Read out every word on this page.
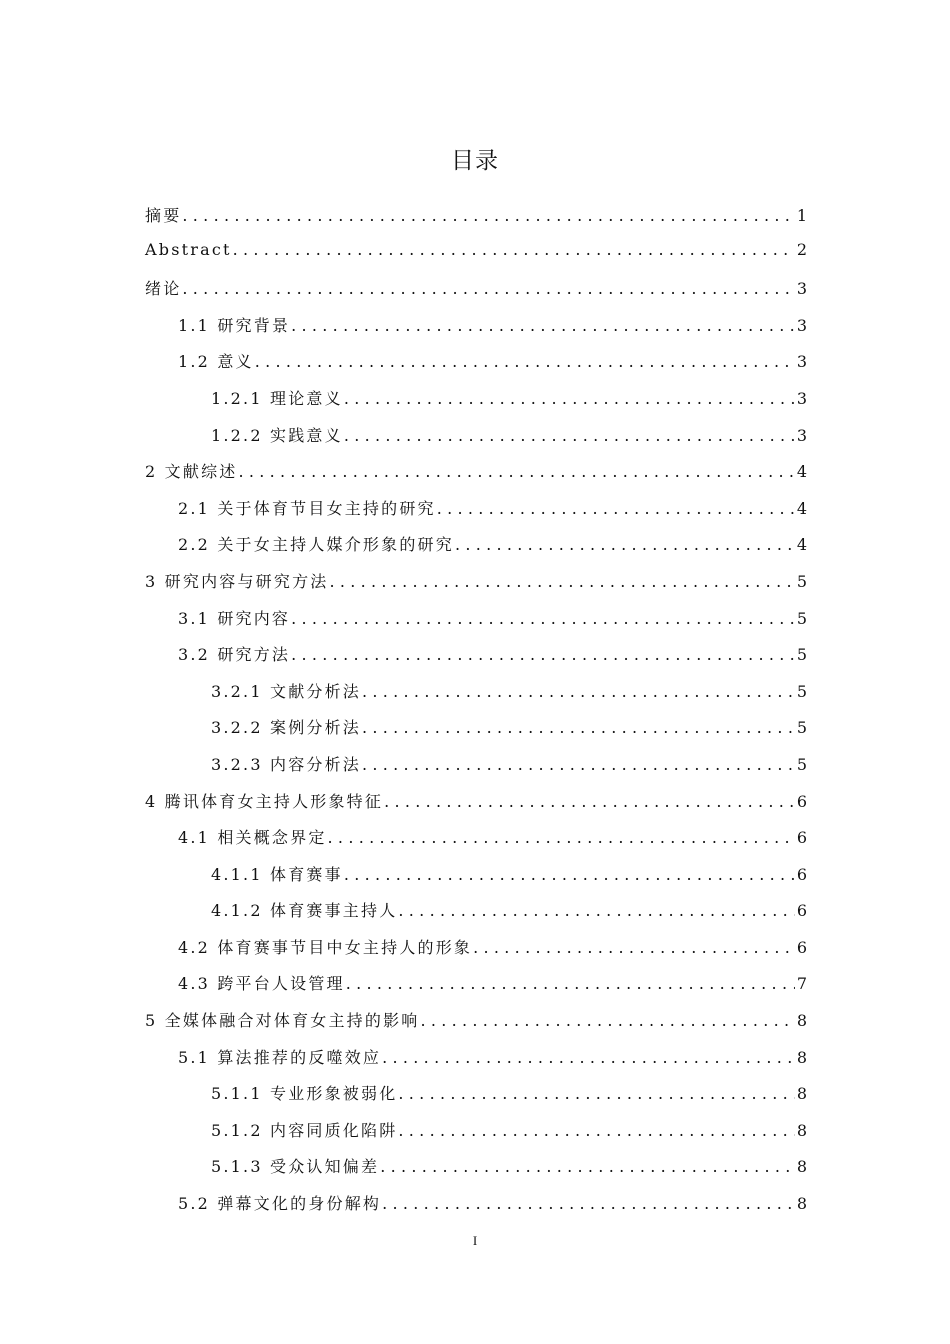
目录
摘要 .....	1
Abstract .....	2
绪论 .....	3
1.1 研究背景 .....	3
1.2 意义 .....	3
1.2.1 理论意义 .....	3
1.2.2 实践意义 .....	3
2 文献综述 .....	4
2.1 关于体育节目女主持的研究 .....	4
2.2 关于女主持人媒介形象的研究 .....	4
3 研究内容与研究方法 .....	5
3.1 研究内容 .....	5
3.2 研究方法 .....	5
3.2.1 文献分析法 .....	5
3.2.2 案例分析法 .....	5
3.2.3 内容分析法 .....	5
4 腾讯体育女主持人形象特征 .....	6
4.1 相关概念界定 .....	6
4.1.1 体育赛事 .....	6
4.1.2 体育赛事主持人 .....	6
4.2 体育赛事节目中女主持人的形象 .....	6
4.3 跨平台人设管理 .....	7
5 全媒体融合对体育女主持的影响 .....	8
5.1 算法推荐的反噬效应 .....	8
5.1.1 专业形象被弱化 .....	8
5.1.2 内容同质化陷阱 .....	8
5.1.3 受众认知偏差 .....	8
5.2 弹幕文化的身份解构 .....	8
I
